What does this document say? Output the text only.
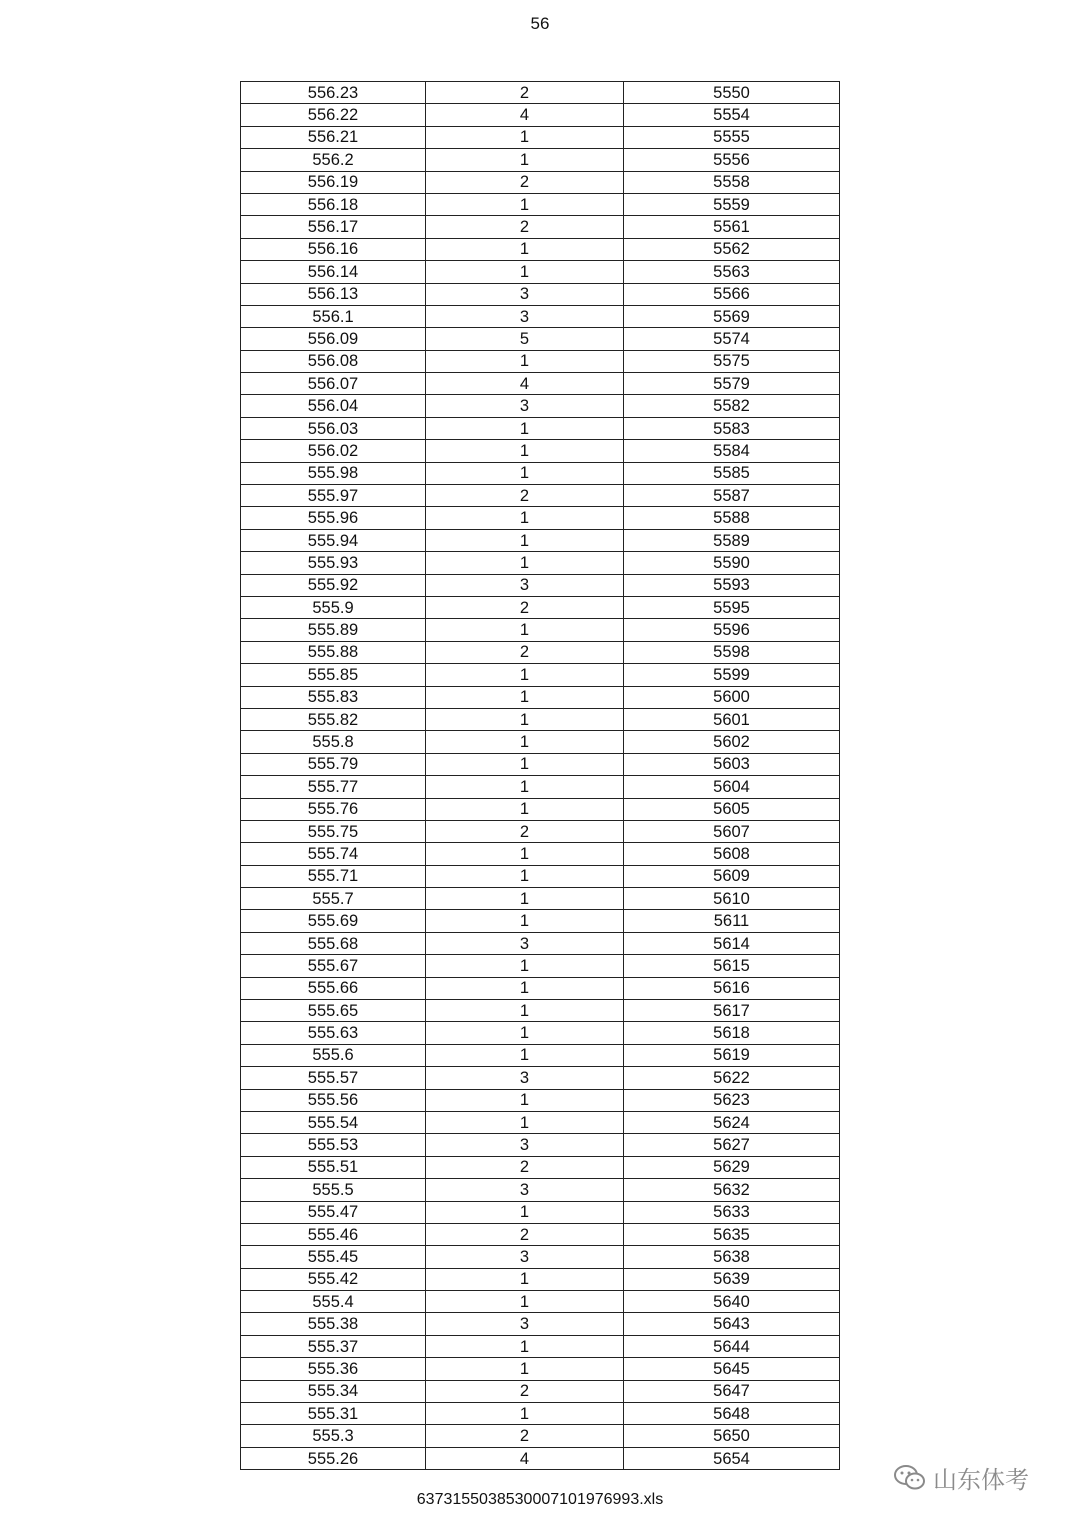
56
556.23	2	5550
556.22	4	5554
556.21	1	5555
556.2	1	5556
556.19	2	5558
556.18	1	5559
556.17	2	5561
556.16	1	5562
556.14	1	5563
556.13	3	5566
556.1	3	5569
556.09	5	5574
556.08	1	5575
556.07	4	5579
556.04	3	5582
556.03	1	5583
556.02	1	5584
555.98	1	5585
555.97	2	5587
555.96	1	5588
555.94	1	5589
555.93	1	5590
555.92	3	5593
555.9	2	5595
555.89	1	5596
555.88	2	5598
555.85	1	5599
555.83	1	5600
555.82	1	5601
555.8	1	5602
555.79	1	5603
555.77	1	5604
555.76	1	5605
555.75	2	5607
555.74	1	5608
555.71	1	5609
555.7	1	5610
555.69	1	5611
555.68	3	5614
555.67	1	5615
555.66	1	5616
555.65	1	5617
555.63	1	5618
555.6	1	5619
555.57	3	5622
555.56	1	5623
555.54	1	5624
555.53	3	5627
555.51	2	5629
555.5	3	5632
555.47	1	5633
555.46	2	5635
555.45	3	5638
555.42	1	5639
555.4	1	5640
555.38	3	5643
555.37	1	5644
555.36	1	5645
555.34	2	5647
555.31	1	5648
555.3	2	5650
555.26	4	5654
6373155038530007101976993.xls
山东体考
